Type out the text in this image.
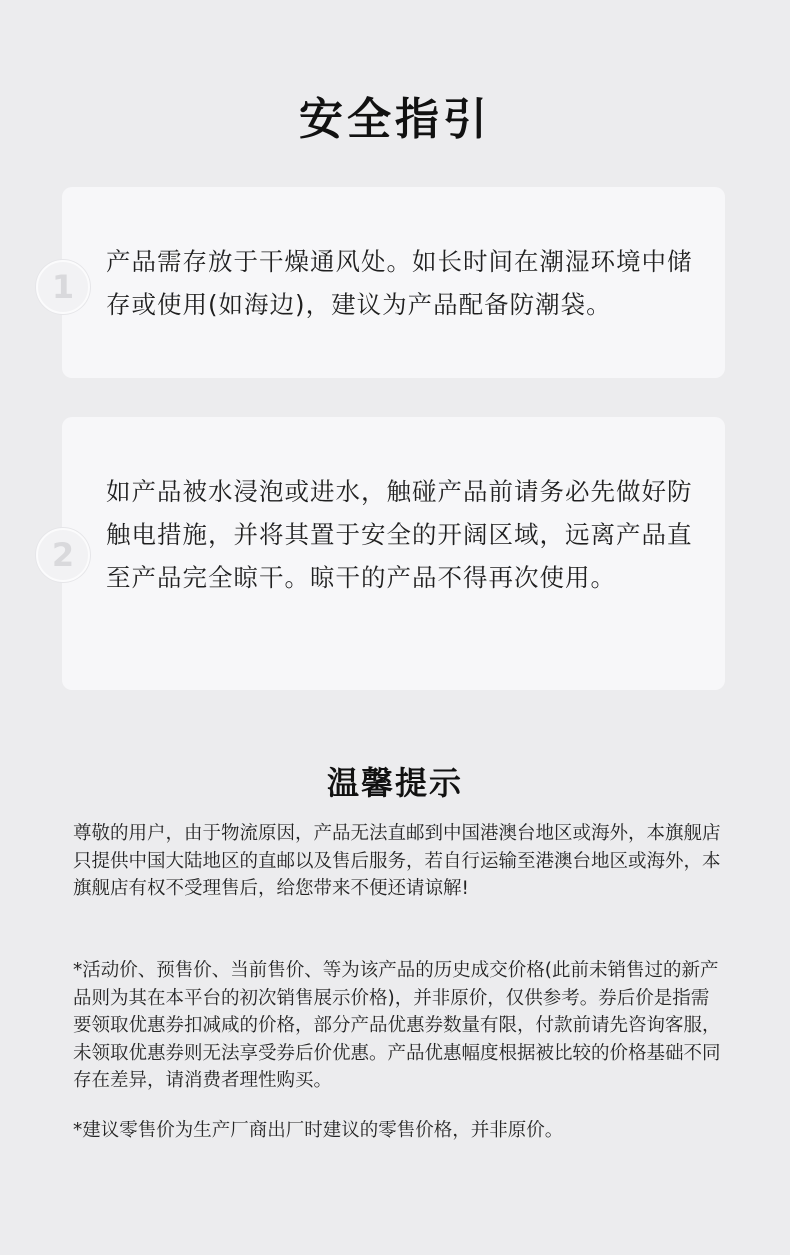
安全指引
产品需存放于干燥通风处。如长时间在潮湿环境中储存或使用(如海边)，建议为产品配备防潮袋。
1
如产品被水浸泡或进水，触碰产品前请务必先做好防触电措施，并将其置于安全的开阔区域，远离产品直至产品完全晾干。晾干的产品不得再次使用。
2
温馨提示
尊敬的用户，由于物流原因，产品无法直邮到中国港澳台地区或海外，本旗舰店只提供中国大陆地区的直邮以及售后服务，若自行运输至港澳台地区或海外，本旗舰店有权不受理售后，给您带来不便还请谅解!
*活动价、预售价、当前售价、等为该产品的历史成交价格(此前未销售过的新产品则为其在本平台的初次销售展示价格)，并非原价，仅供参考。券后价是指需要领取优惠券扣减咸的价格，部分产品优惠券数量有限，付款前请先咨询客服，未领取优惠券则无法享受券后价优惠。产品优惠幅度根据被比较的价格基础不同存在差异，请消费者理性购买。
*建议零售价为生产厂商出厂时建议的零售价格，并非原价。
